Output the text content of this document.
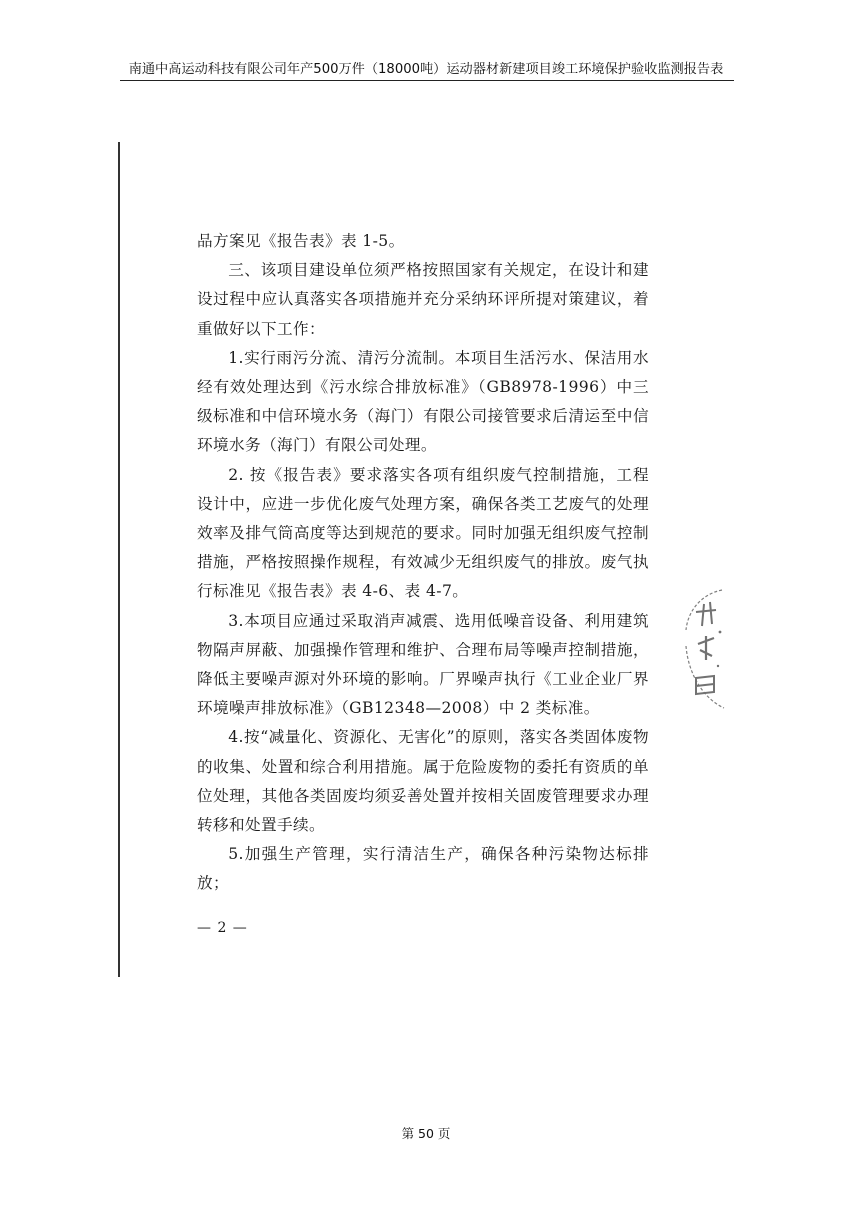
南通中高运动科技有限公司年产500万件（18000吨）运动器材新建项目竣工环境保护验收监测报告表

品方案见《报告表》表 1-5。

三、该项目建设单位须严格按照国家有关规定，在设计和建设过程中应认真落实各项措施并充分采纳环评所提对策建议，着重做好以下工作：

1.实行雨污分流、清污分流制。本项目生活污水、保洁用水经有效处理达到《污水综合排放标准》（GB8978-1996）中三级标准和中信环境水务（海门）有限公司接管要求后清运至中信环境水务（海门）有限公司处理。

2. 按《报告表》要求落实各项有组织废气控制措施，工程设计中，应进一步优化废气处理方案，确保各类工艺废气的处理效率及排气筒高度等达到规范的要求。同时加强无组织废气控制措施，严格按照操作规程，有效减少无组织废气的排放。废气执行标准见《报告表》表 4-6、表 4-7。

3.本项目应通过采取消声减震、选用低噪音设备、利用建筑物隔声屏蔽、加强操作管理和维护、合理布局等噪声控制措施，降低主要噪声源对外环境的影响。厂界噪声执行《工业企业厂界环境噪声排放标准》（GB12348—2008）中 2 类标准。

4.按“减量化、资源化、无害化”的原则，落实各类固体废物的收集、处置和综合利用措施。属于危险废物的委托有资质的单位处理，其他各类固废均须妥善处置并按相关固废管理要求办理转移和处置手续。

5.加强生产管理，实行清洁生产，确保各种污染物达标排放；

— 2 —
第 50 页
